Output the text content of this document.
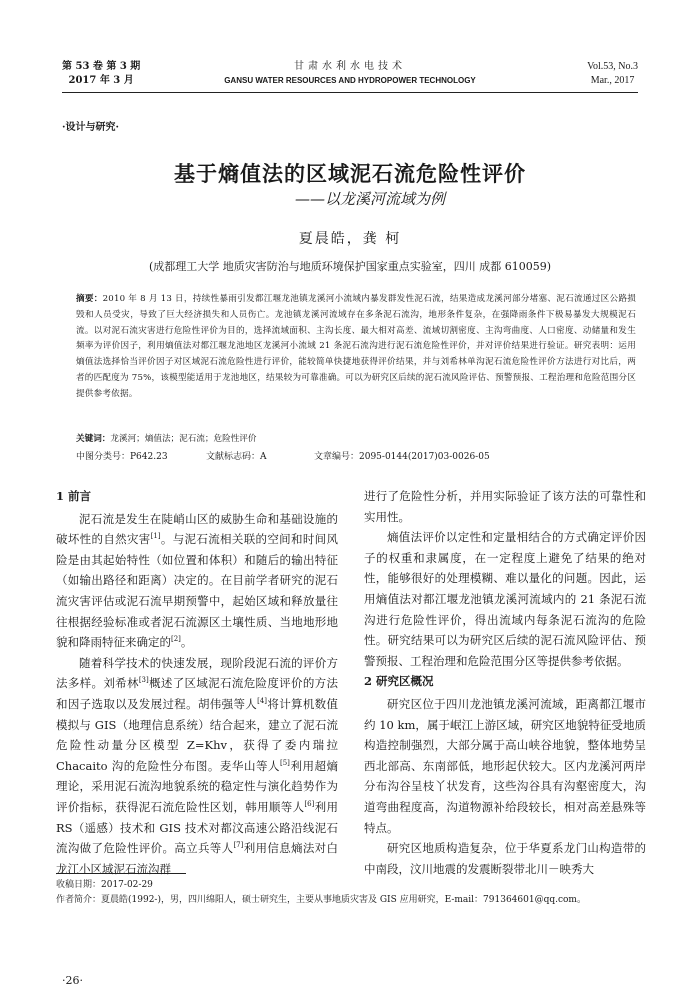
第 53 卷 第 3 期
2017 年 3 月
甘肃水利水电技术
GANSU WATER RESOURCES AND HYDROPOWER TECHNOLOGY
Vol.53, No.3
Mar., 2017
·设计与研究·
基于熵值法的区域泥石流危险性评价
——以龙溪河流域为例
夏晨皓，龚 柯
(成都理工大学 地质灾害防治与地质环境保护国家重点实验室，四川 成都 610059)
摘要：2010 年 8 月 13 日，持续性暴雨引发都江堰龙池镇龙溪河小流域内暴发群发性泥石流，结果造成龙溪河部分堵塞、泥石流通过区公路损毁和人员受灾，导致了巨大经济损失和人员伤亡。龙池镇龙溪河流域存在多条泥石流沟，地形条件复杂，在强降雨条件下极易暴发大规模泥石流。以对泥石流灾害进行危险性评价为目的，选择流域面积、主沟长度、最大相对高差、流域切割密度、主沟弯曲度、人口密度、动储量和发生频率为评价因子，利用熵值法对都江堰龙池地区龙溪河小流域 21 条泥石流沟进行泥石流危险性评价，并对评价结果进行验证。研究表明：运用熵值法选择恰当评价因子对区域泥石流危险性进行评价，能较简单快捷地获得评价结果，并与刘希林单沟泥石流危险性评价方法进行对比后，两者的匹配度为 75%，该模型能适用于龙池地区，结果较为可靠准确。可以为研究区后续的泥石流风险评估、预警预报、工程治理和危险范围分区提供参考依据。
关键词：龙溪河；熵值法；泥石流；危险性评价
中图分类号：P642.23	文献标志码：A	文章编号：2095-0144(2017)03-0026-05
1 前言

泥石流是发生在陡峭山区的威胁生命和基础设施的破坏性的自然灾害[1]。与泥石流相关联的空间和时间风险是由其起始特性（如位置和体积）和随后的输出特征（如输出路径和距离）决定的。在目前学者研究的泥石流灾害评估或泥石流早期预警中，起始区域和释放量往往根据经验标准或者泥石流源区土壤性质、当地地形地貌和降雨特征来确定的[2]。

随着科学技术的快速发展，现阶段泥石流的评价方法多样。刘希林[3]概述了区域泥石流危险度评价的方法和因子选取以及发展过程。胡伟强等人[4]将计算机数值模拟与 GIS（地理信息系统）结合起来，建立了泥石流危险性动量分区模型 Z=Khv，获得了委内瑞拉 Chacaito 沟的危险性分布图。麦华山等人[5]利用超熵理论，采用泥石流沟地貌系统的稳定性与演化趋势作为评价指标，获得泥石流危险性区划，韩用顺等人[6]利用 RS（遥感）技术和 GIS 技术对都汶高速公路沿线泥石流沟做了危险性评价。高立兵等人[7]利用信息熵法对白龙江小区域泥石流沟群

进行了危险性分析，并用实际验证了该方法的可靠性和实用性。

熵值法评价以定性和定量相结合的方式确定评价因子的权重和隶属度，在一定程度上避免了结果的绝对性，能够很好的处理模糊、难以量化的问题。因此，运用熵值法对都江堰龙池镇龙溪河流域内的 21 条泥石流沟进行危险性评价，得出流域内每条泥石流沟的危险性。研究结果可以为研究区后续的泥石流风险评估、预警预报、工程治理和危险范围分区等提供参考依据。

2 研究区概况

研究区位于四川龙池镇龙溪河流域，距离都江堰市约 10 km，属于岷江上游区域，研究区地貌特征受地质构造控制强烈，大部分属于高山峡谷地貌，整体地势呈西北部高、东南部低，地形起伏较大。区内龙溪河两岸分布沟谷呈枝丫状发育，这些沟谷具有沟壑密度大，沟道弯曲程度高，沟道物源补给段较长，相对高差悬殊等特点。

研究区地质构造复杂，位于华夏系龙门山构造带的中南段，汶川地震的发震断裂带北川－映秀大

收稿日期：2017-02-29
作者简介：夏晨皓(1992-)，男，四川绵阳人，硕士研究生，主要从事地质灾害及 GIS 应用研究，E-mail：791364601@qq.com。
·26·
